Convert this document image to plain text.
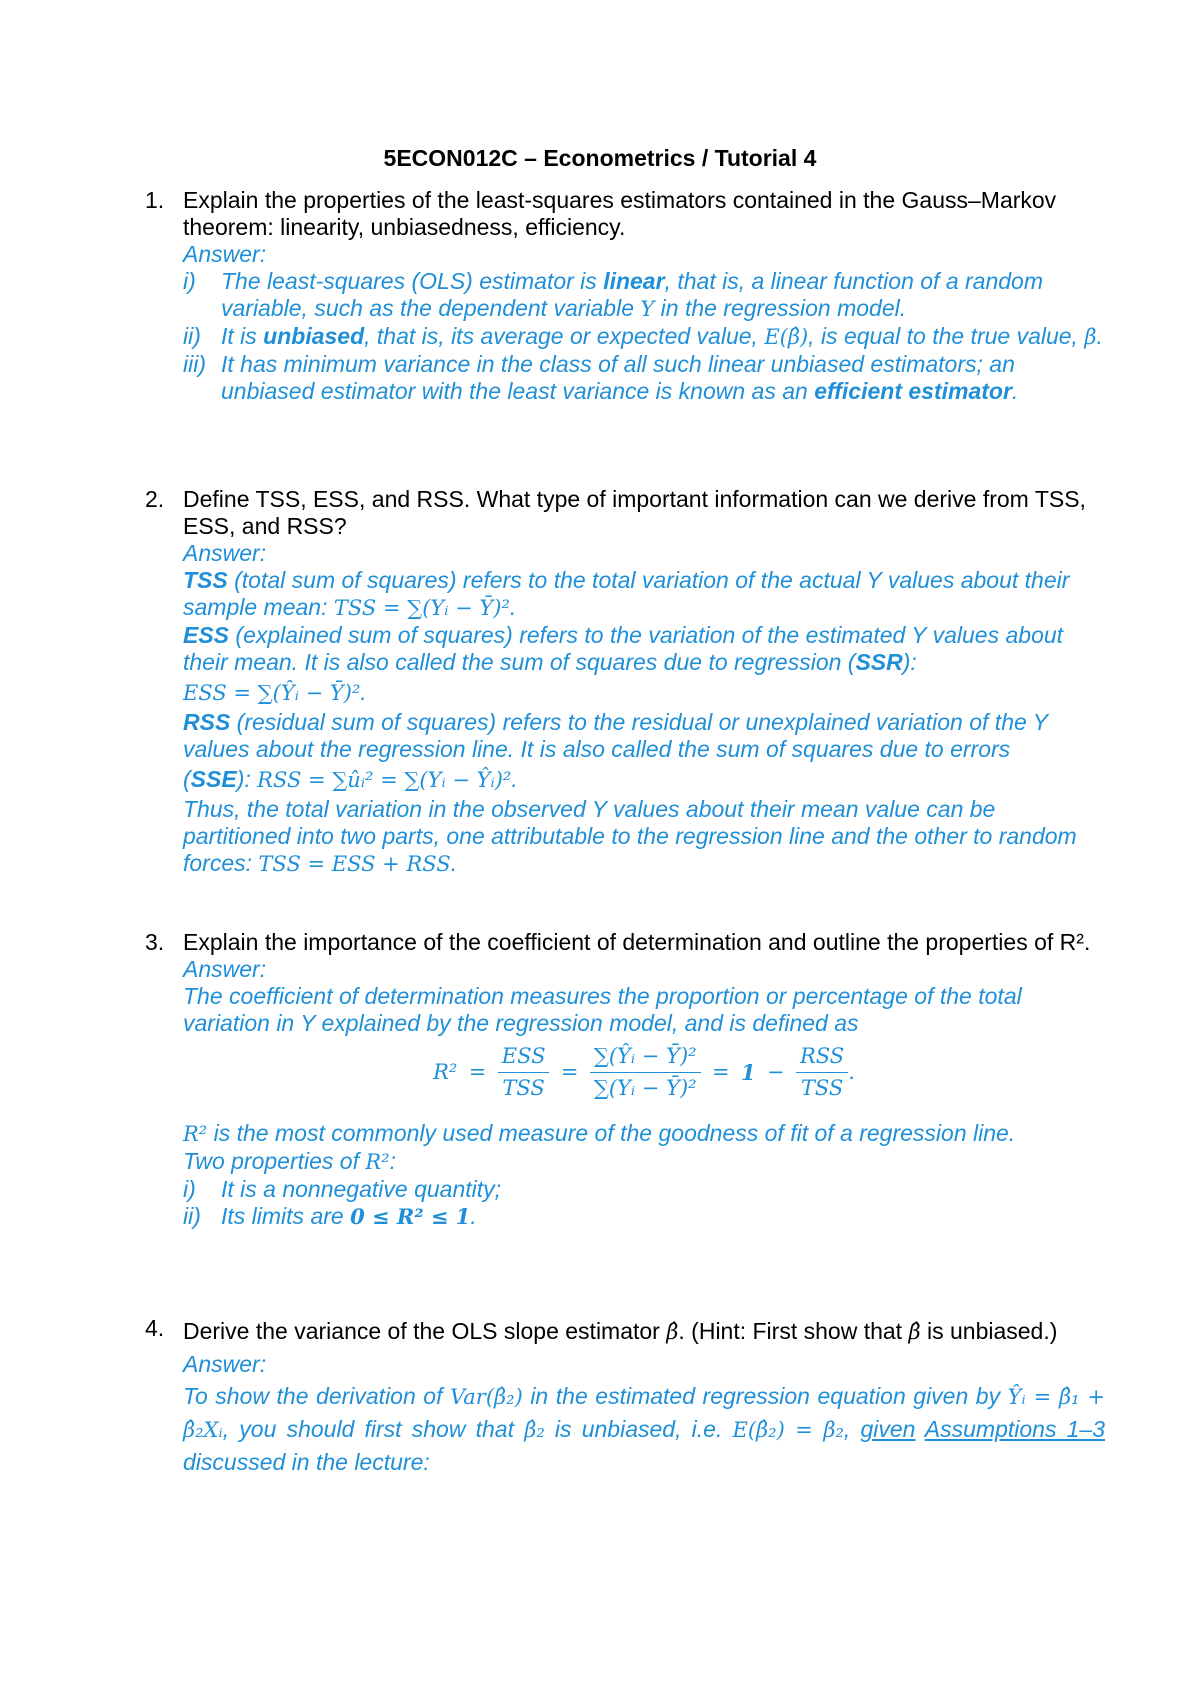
5ECON012C – Econometrics / Tutorial 4
1. Explain the properties of the least-squares estimators contained in the Gauss–Markov theorem: linearity, unbiasedness, efficiency.
Answer:
i) The least-squares (OLS) estimator is linear, that is, a linear function of a random variable, such as the dependent variable Y in the regression model.
ii) It is unbiased, that is, its average or expected value, E(β̂), is equal to the true value, β.
iii) It has minimum variance in the class of all such linear unbiased estimators; an unbiased estimator with the least variance is known as an efficient estimator.
2. Define TSS, ESS, and RSS. What type of important information can we derive from TSS, ESS, and RSS?
Answer:
TSS (total sum of squares) refers to the total variation of the actual Y values about their sample mean: TSS = ∑(Yᵢ − Ȳ)².
ESS (explained sum of squares) refers to the variation of the estimated Y values about their mean. It is also called the sum of squares due to regression (SSR):
ESS = ∑(Ŷᵢ − Ȳ)².
RSS (residual sum of squares) refers to the residual or unexplained variation of the Y values about the regression line. It is also called the sum of squares due to errors
(SSE): RSS = ∑ûᵢ² = ∑(Yᵢ − Ŷᵢ)².
Thus, the total variation in the observed Y values about their mean value can be partitioned into two parts, one attributable to the regression line and the other to random forces: TSS = ESS + RSS.
3. Explain the importance of the coefficient of determination and outline the properties of R².
Answer:
The coefficient of determination measures the proportion or percentage of the total variation in Y explained by the regression model, and is defined as
$R^2 = \frac{\text{ESS}}{\text{TSS}} = \frac{\text{∑(Ŷᵢ − Ȳ)²}}{\text{∑(Yᵢ − Ȳ)²}} = 1 - \frac{\text{RSS}}{\text{TSS}}$ .
R² is the most commonly used measure of the goodness of fit of a regression line.
Two properties of R²:
i) It is a nonnegative quantity;
ii) Its limits are 0 ≤ R² ≤ 1.
4. Derive the variance of the OLS slope estimator β̂. (Hint: First show that β̂ is unbiased.)
Answer:
To show the derivation of Var(β̂₂) in the estimated regression equation given by Ŷᵢ = β̂₁ + β̂₂Xᵢ, you should first show that β̂₂ is unbiased, i.e. E(β̂₂) = β₂, given Assumptions 1–3 discussed in the lecture:
